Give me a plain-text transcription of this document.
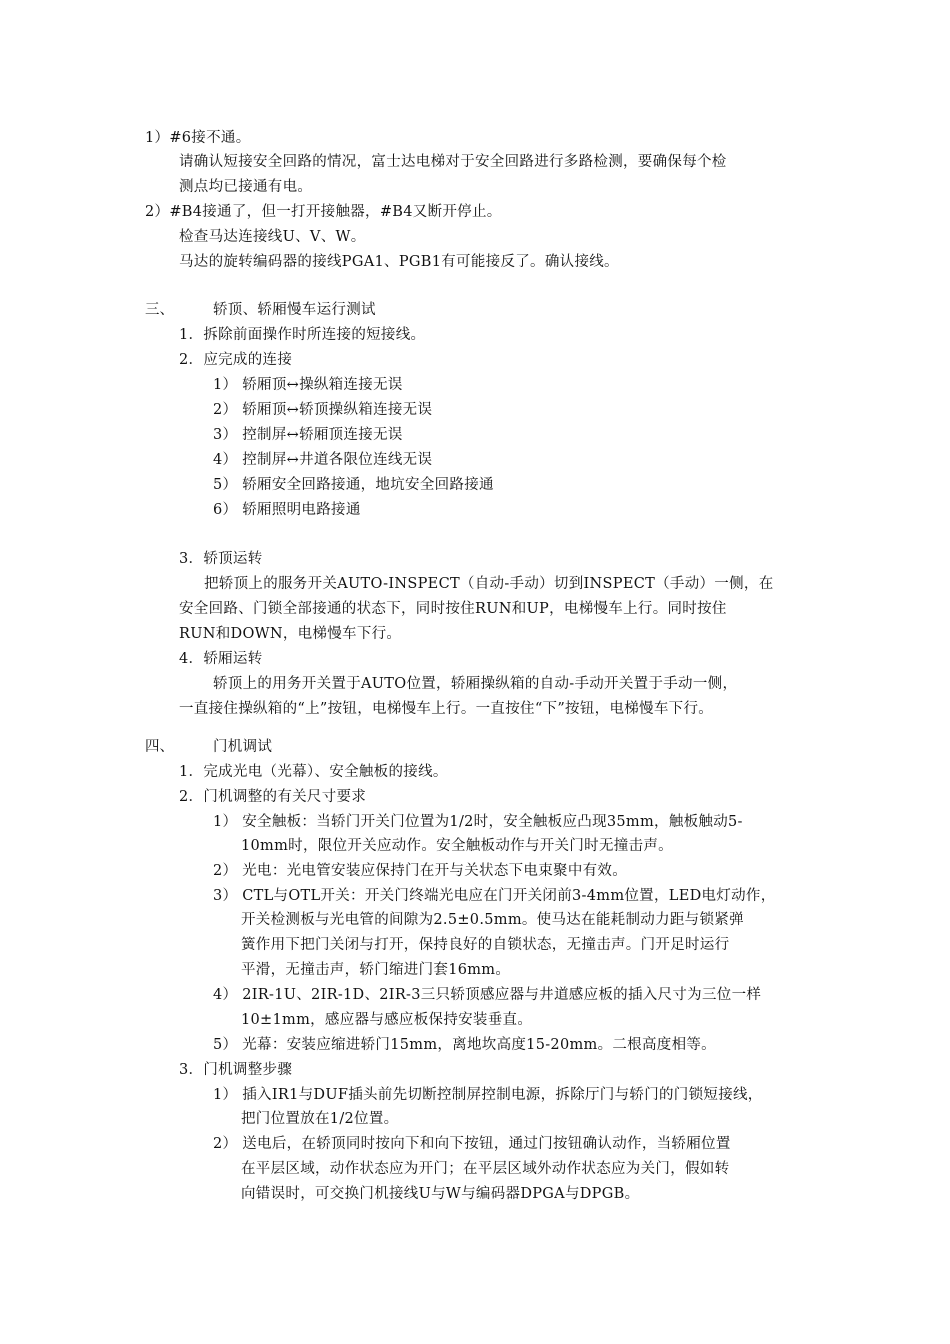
1）#6接不通。
请确认短接安全回路的情况，富士达电梯对于安全回路进行多路检测，要确保每个检
测点均已接通有电。
2）#B4接通了，但一打开接触器，#B4又断开停止。
检查马达连接线U、V、W。
马达的旋转编码器的接线PGA1、PGB1有可能接反了。确认接线。
三、	轿顶、轿厢慢车运行测试
1．拆除前面操作时所连接的短接线。
2．应完成的连接
1） 轿厢顶↔操纵箱连接无误
2） 轿厢顶↔轿顶操纵箱连接无误
3） 控制屏↔轿厢顶连接无误
4） 控制屏↔井道各限位连线无误
5） 轿厢安全回路接通，地坑安全回路接通
6） 轿厢照明电路接通
3．轿顶运转
把轿顶上的服务开关AUTO-INSPECT（自动-手动）切到INSPECT（手动）一侧，在
安全回路、门锁全部接通的状态下，同时按住RUN和UP，电梯慢车上行。同时按住
RUN和DOWN，电梯慢车下行。
4．轿厢运转
轿顶上的用务开关置于AUTO位置，轿厢操纵箱的自动-手动开关置于手动一侧，
一直接住操纵箱的“上”按钮，电梯慢车上行。一直按住“下”按钮，电梯慢车下行。
四、	门机调试
1．完成光电（光幕）、安全触板的接线。
2．门机调整的有关尺寸要求
1） 安全触板：当轿门开关门位置为1/2时，安全触板应凸现35mm，触板触动5-
10mm时，限位开关应动作。安全触板动作与开关门时无撞击声。
2） 光电：光电管安装应保持门在开与关状态下电束聚中有效。
3） CTL与OTL开关：开关门终端光电应在门开关闭前3-4mm位置，LED电灯动作，
开关检测板与光电管的间隙为2.5±0.5mm。使马达在能耗制动力距与锁紧弹
簧作用下把门关闭与打开，保持良好的自锁状态，无撞击声。门开足时运行
平滑，无撞击声，轿门缩进门套16mm。
4） 2IR-1U、2IR-1D、2IR-3三只轿顶感应器与井道感应板的插入尺寸为三位一样
10±1mm，感应器与感应板保持安装垂直。
5） 光幕：安装应缩进轿门15mm，离地坎高度15-20mm。二根高度相等。
3．门机调整步骤
1） 插入IR1与DUF插头前先切断控制屏控制电源，拆除厅门与轿门的门锁短接线，
把门位置放在1/2位置。
2） 送电后，在轿顶同时按向下和向下按钮，通过门按钮确认动作，当轿厢位置
在平层区域，动作状态应为开门；在平层区域外动作状态应为关门，假如转
向错误时，可交换门机接线U与W与编码器DPGA与DPGB。
